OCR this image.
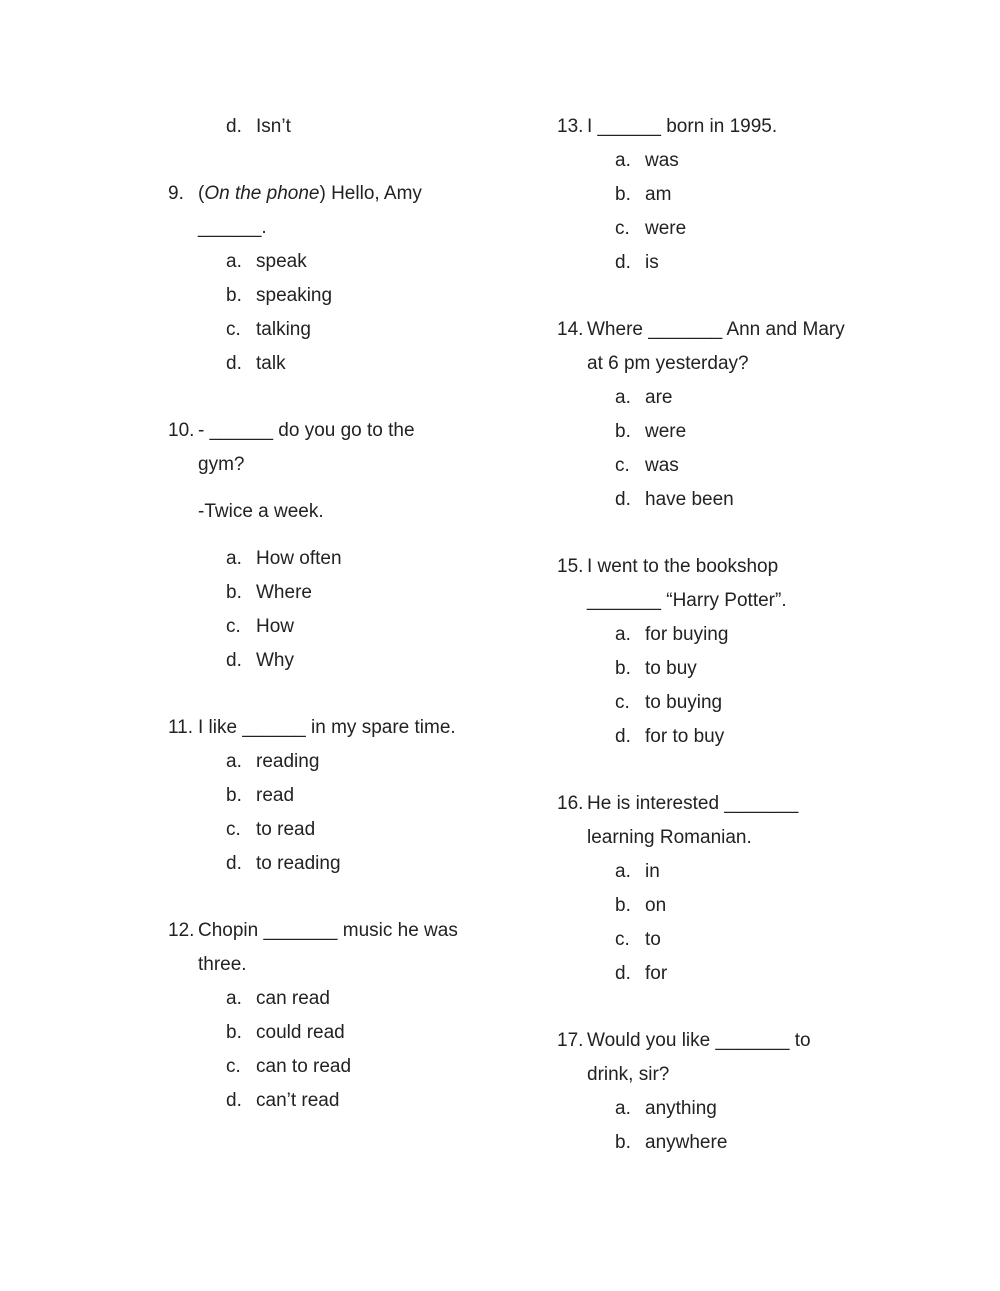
d. Isn’t
9. (On the phone) Hello, Amy
______.
a. speak
b. speaking
c. talking
d. talk
10. - ______ do you go to the
gym?
-Twice a week.
a. How often
b. Where
c. How
d. Why
11. I like ______ in my spare time.
a. reading
b. read
c. to read
d. to reading
12. Chopin _______ music he was
three.
a. can read
b. could read
c. can to read
d. can’t read
13. I ______ born in 1995.
a. was
b. am
c. were
d. is
14. Where _______ Ann and Mary
at 6 pm yesterday?
a. are
b. were
c. was
d. have been
15. I went to the bookshop
_______ “Harry Potter”.
a. for buying
b. to buy
c. to buying
d. for to buy
16. He is interested _______
learning Romanian.
a. in
b. on
c. to
d. for
17. Would you like _______ to
drink, sir?
a. anything
b. anywhere
